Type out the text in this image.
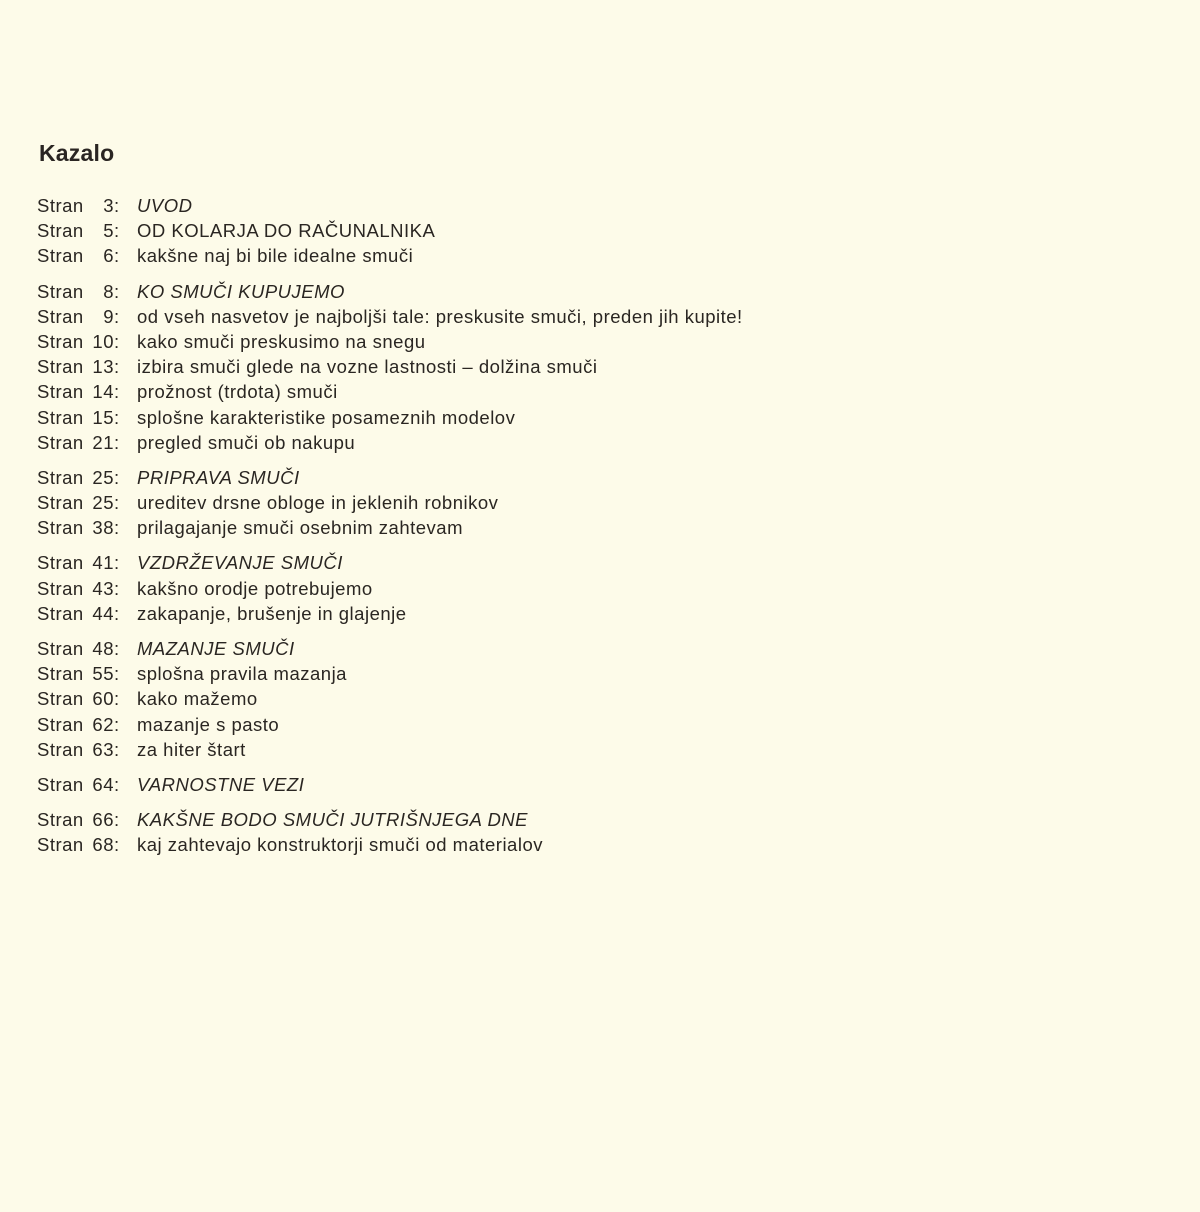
Kazalo
Stran	3 : UVOD
Stran	5 : OD KOLARJA DO RAČUNALNIKA
Stran	6 : kakšne naj bi bile idealne smuči
Stran	8 : KO SMUČI KUPUJEMO
Stran	9 : od vseh nasvetov je najboljši tale: preskusite smuči, preden jih kupite!
Stran 10 : kako smuči preskusimo na snegu
Stran 13 : izbira smuči glede na vozne lastnosti – dolžina smuči
Stran 14 : prožnost (trdota) smuči
Stran 15 : splošne karakteristike posameznih modelov
Stran 21 : pregled smuči ob nakupu
Stran 25 : PRIPRAVA SMUČI
Stran 25 : ureditev drsne obloge in jeklenih robnikov
Stran 38 : prilagajanje smuči osebnim zahtevam
Stran 41 : VZDRŽEVANJE SMUČI
Stran 43 : kakšno orodje potrebujemo
Stran 44 : zakapanje, brušenje in glajenje
Stran 48 : MAZANJE SMUČI
Stran 55 : splošna pravila mazanja
Stran 60 : kako mažemo
Stran 62 : mazanje s pasto
Stran 63 : za hiter štart
Stran 64 : VARNOSTNE VEZI
Stran 66 : KAKŠNE BODO SMUČI JUTRIŠNJEGA DNE
Stran 68 : kaj zahtevajo konstruktorji smuči od materialov
